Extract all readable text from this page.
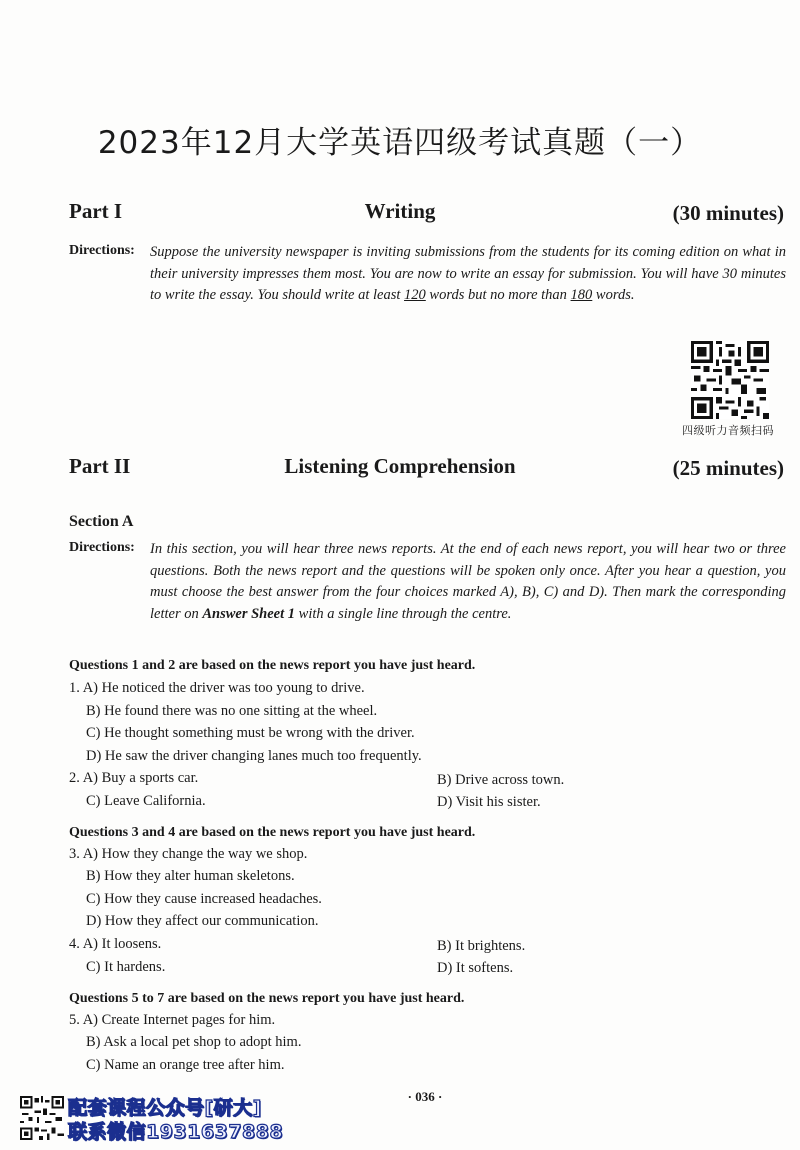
2023年12月大学英语四级考试真题（一）
Part I	Writing	(30 minutes)
Directions: Suppose the university newspaper is inviting submissions from the students for its coming edition on what in their university impresses them most. You are now to write an essay for submission. You will have 30 minutes to write the essay. You should write at least 120 words but no more than 180 words.
四级听力音频扫码
Part II	Listening Comprehension	(25 minutes)
Section A
Directions: In this section, you will hear three news reports. At the end of each news report, you will hear two or three questions. Both the news report and the questions will be spoken only once. After you hear a question, you must choose the best answer from the four choices marked A), B), C) and D). Then mark the corresponding letter on Answer Sheet 1 with a single line through the centre.
Questions 1 and 2 are based on the news report you have just heard.
1. A) He noticed the driver was too young to drive.
B) He found there was no one sitting at the wheel.
C) He thought something must be wrong with the driver.
D) He saw the driver changing lanes much too frequently.
2. A) Buy a sports car.	B) Drive across town.
C) Leave California.	D) Visit his sister.
Questions 3 and 4 are based on the news report you have just heard.
3. A) How they change the way we shop.
B) How they alter human skeletons.
C) How they cause increased headaches.
D) How they affect our communication.
4. A) It loosens.	B) It brightens.
C) It hardens.	D) It softens.
Questions 5 to 7 are based on the news report you have just heard.
5. A) Create Internet pages for him.
B) Ask a local pet shop to adopt him.
C) Name an orange tree after him.
· 036 ·
配套课程公众号[研大]
联系微信1931637888
